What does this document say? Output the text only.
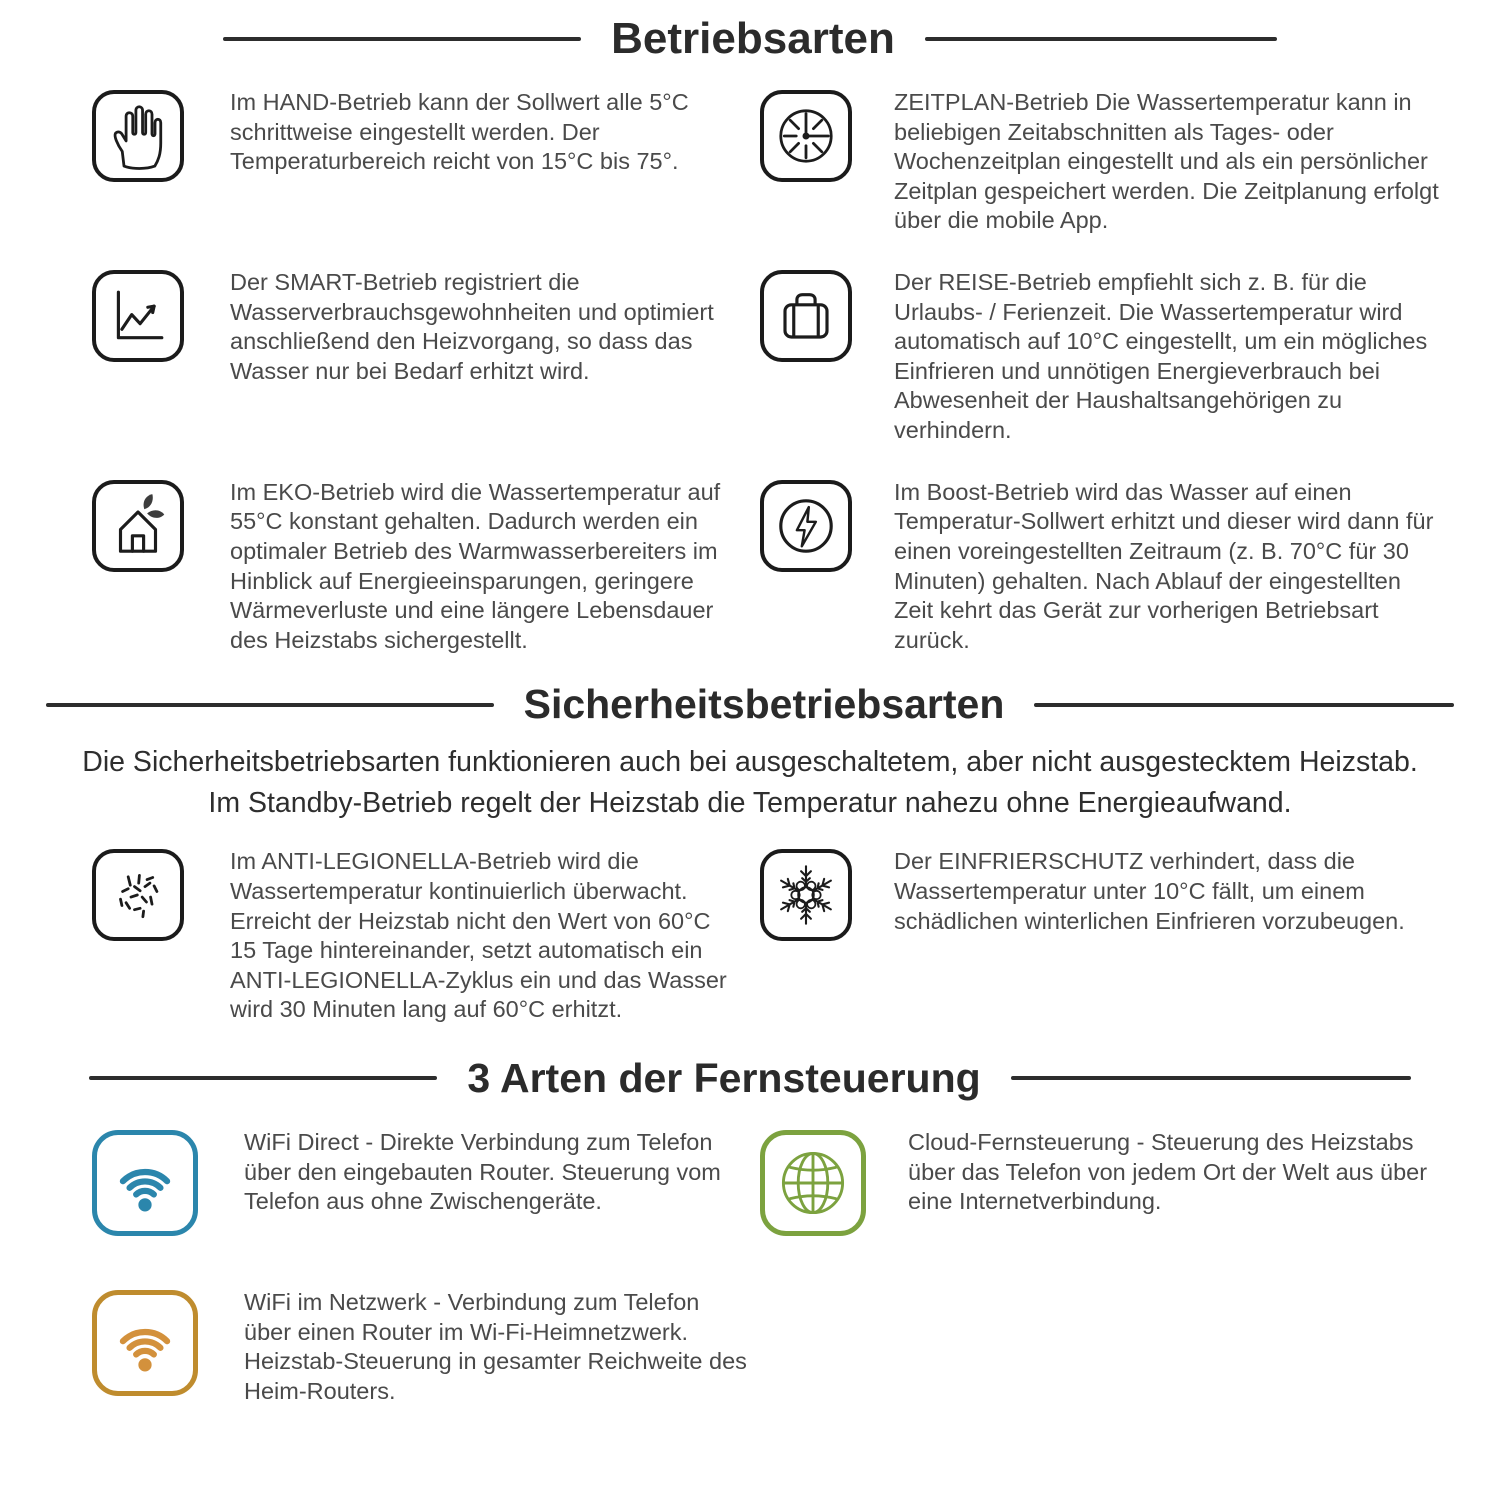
Betriebsarten

Im HAND-Betrieb kann der Sollwert alle 5°C schrittweise eingestellt werden. Der Temperaturbereich reicht von 15°C bis 75°.

ZEITPLAN-Betrieb Die Wassertemperatur kann in beliebigen Zeitabschnitten als Tages- oder Wochenzeitplan eingestellt und als ein persönlicher Zeitplan gespeichert werden. Die Zeitplanung erfolgt über die mobile App.

Der SMART-Betrieb registriert die Wasserverbrauchsgewohnheiten und optimiert anschließend den Heizvorgang, so dass das Wasser nur bei Bedarf erhitzt wird.

Der REISE-Betrieb empfiehlt sich z. B. für die Urlaubs- / Ferienzeit. Die Wassertemperatur wird automatisch auf 10°C eingestellt, um ein mögliches Einfrieren und unnötigen Energieverbrauch bei Abwesenheit der Haushaltsangehörigen zu verhindern.

Im EKO-Betrieb wird die Wassertemperatur auf 55°C konstant gehalten. Dadurch werden ein optimaler Betrieb des Warmwasserbereiters im Hinblick auf Energieeinsparungen, geringere Wärmeverluste und eine längere Lebensdauer des Heizstabs sichergestellt.

Im Boost-Betrieb wird das Wasser auf einen Temperatur-Sollwert erhitzt und dieser wird dann für einen voreingestellten Zeitraum (z. B. 70°C für 30 Minuten) gehalten. Nach Ablauf der eingestellten Zeit kehrt das Gerät zur vorherigen Betriebsart zurück.

Sicherheitsbetriebsarten

Die Sicherheitsbetriebsarten funktionieren auch bei ausgeschaltetem, aber nicht ausgestecktem Heizstab. Im Standby-Betrieb regelt der Heizstab die Temperatur nahezu ohne Energieaufwand.

Im ANTI-LEGIONELLA-Betrieb wird die Wassertemperatur kontinuierlich überwacht. Erreicht der Heizstab nicht den Wert von 60°C 15 Tage hintereinander, setzt automatisch ein ANTI-LEGIONELLA-Zyklus ein und das Wasser wird 30 Minuten lang auf 60°C erhitzt.

Der EINFRIERSCHUTZ verhindert, dass die Wassertemperatur unter 10°C fällt, um einem schädlichen winterlichen Einfrieren vorzubeugen.

3 Arten der Fernsteuerung

WiFi Direct - Direkte Verbindung zum Telefon über den eingebauten Router. Steuerung vom Telefon aus ohne Zwischengeräte.

Cloud-Fernsteuerung - Steuerung des Heizstabs über das Telefon von jedem Ort der Welt aus über eine Internetverbindung.

WiFi im Netzwerk - Verbindung zum Telefon über einen Router im Wi-Fi-Heimnetzwerk. Heizstab-Steuerung in gesamter Reichweite des Heim-Routers.
